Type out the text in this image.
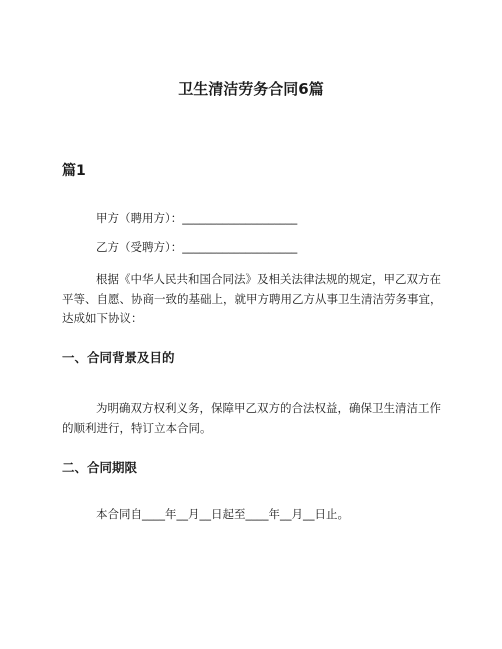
卫生清洁劳务合同6篇
篇1

甲方（聘用方）：____________________

乙方（受聘方）：____________________

根据《中华人民共和国合同法》及相关法律法规的规定，甲乙双方在平等、自愿、协商一致的基础上，就甲方聘用乙方从事卫生清洁劳务事宜，达成如下协议：

一、合同背景及目的

为明确双方权利义务，保障甲乙双方的合法权益，确保卫生清洁工作的顺利进行，特订立本合同。

二、合同期限

本合同自____年__月__日起至____年__月__日止。
